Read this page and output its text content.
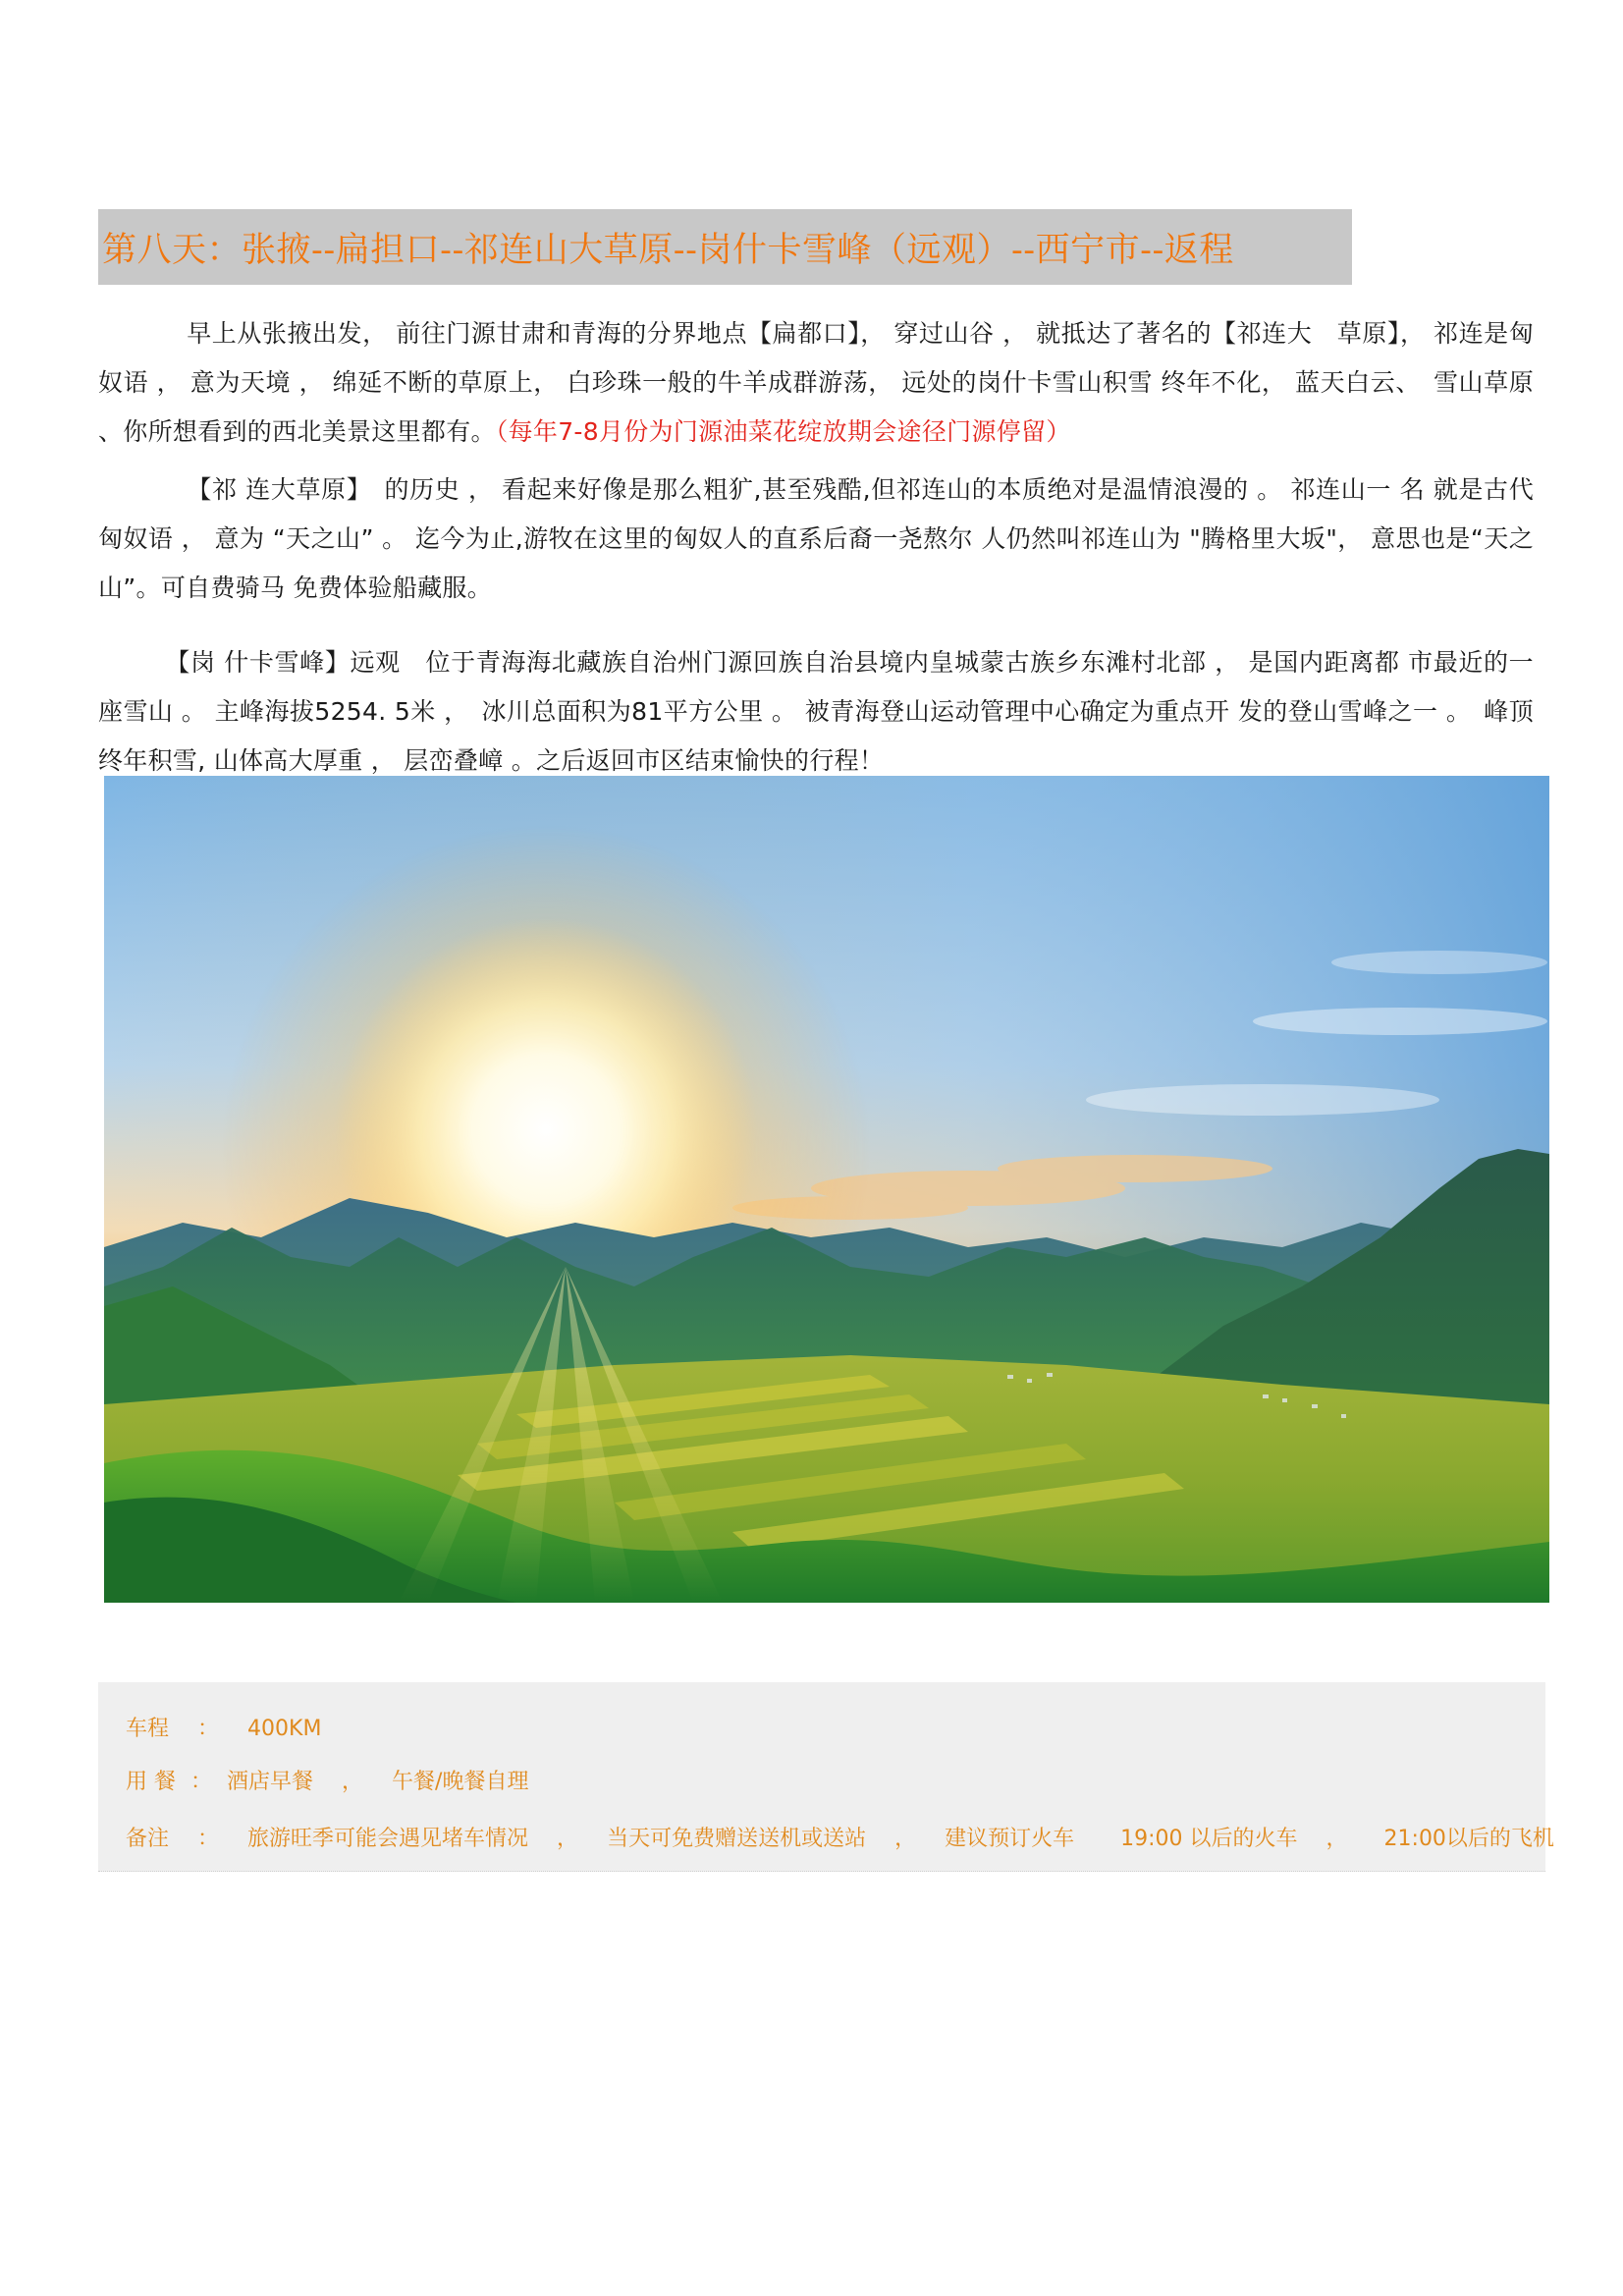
第八天：张掖--扁担口--祁连山大草原--岗什卡雪峰（远观）--西宁市--返程

早上从张掖出发， 前往门源甘肃和青海的分界地点【扁都口】， 穿过山谷 ， 就抵达了著名的【祁连大　草原】， 祁连是匈奴语 ， 意为天境 ， 绵延不断的草原上， 白珍珠一般的牛羊成群游荡， 远处的岗什卡雪山积雪 终年不化， 蓝天白云、　雪山草原 、你所想看到的西北美景这里都有。（每年7-8月份为门源油菜花绽放期会途径门源停留）

【祁 连大草原】　的历史 ， 看起来好像是那么粗犷,甚至残酷,但祁连山的本质绝对是温情浪漫的 。 祁连山一 名 就是古代匈奴语 ， 意为 “天之山” 。 迄今为止,游牧在这里的匈奴人的直系后裔一尧熬尔 人仍然叫祁连山为 "腾格里大坂"， 意思也是“天之山”。可自费骑马 免费体验船藏服。

【岗 什卡雪峰】远观　位于青海海北藏族自治州门源回族自治县境内皇城蒙古族乡东滩村北部 ， 是国内距离都 市最近的一座雪山 。 主峰海拔5254. 5米 ，　冰川总面积为81平方公里 。 被青海登山运动管理中心确定为重点开 发的登山雪峰之一 。　峰顶终年积雪, 山体高大厚重 ， 层峦叠嶂 。之后返回市区结束愉快的行程！

车程 ： 400KM
用 餐 ： 酒店早餐 ， 午餐/晚餐自理
备注 ： 旅游旺季可能会遇见堵车情况 ， 当天可免费赠送送机或送站 ， 建议预订火车 19:00 以后的火车 ， 21:00以后的飞机
